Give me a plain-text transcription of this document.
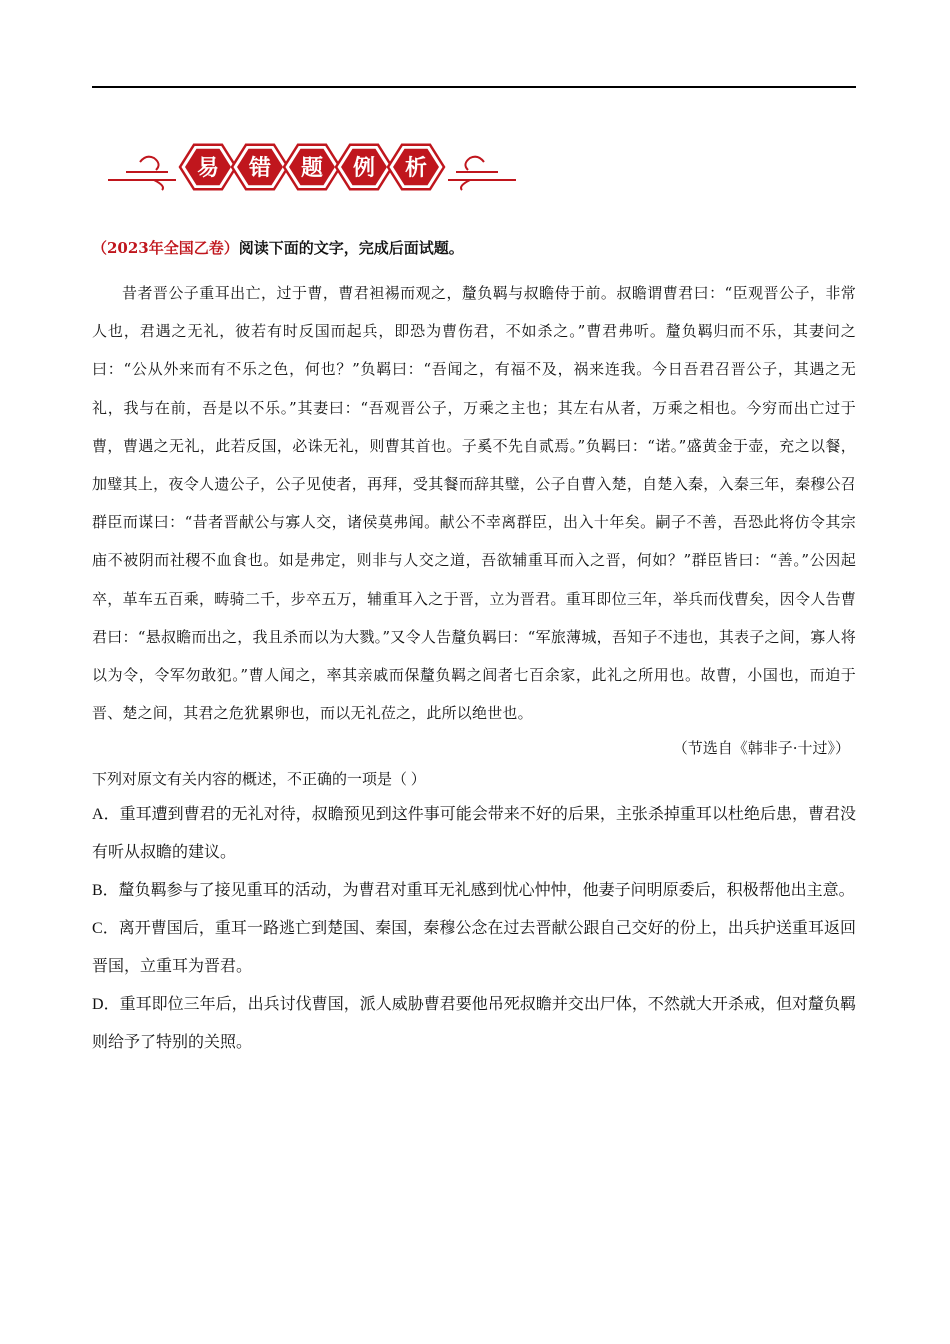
易	错	题	例	析

（2023年全国乙卷）阅读下面的文字，完成后面试题。

昔者晋公子重耳出亡，过于曹，曹君袒裼而观之，釐负羁与叔瞻侍于前。叔瞻谓曹君曰：“臣观晋公子，非常人也，君遇之无礼，彼若有时反国而起兵，即恐为曹伤君，不如杀之。”曹君弗听。釐负羁归而不乐，其妻问之曰：“公从外来而有不乐之色，何也？”负羁曰：“吾闻之，有福不及，祸来连我。今日吾君召晋公子，其遇之无礼，我与在前，吾是以不乐。”其妻曰：“吾观晋公子，万乘之主也；其左右从者，万乘之相也。今穷而出亡过于曹，曹遇之无礼，此若反国，必诛无礼，则曹其首也。子奚不先自贰焉。”负羁曰：“诺。”盛黄金于壶，充之以餐，加璧其上，夜令人遗公子，公子见使者，再拜，受其餐而辞其璧，公子自曹入楚，自楚入秦，入秦三年，秦穆公召群臣而谋曰：“昔者晋献公与寡人交，诸侯莫弗闻。献公不幸离群臣，出入十年矣。嗣子不善，吾恐此将仿令其宗庙不被阴而社稷不血食也。如是弗定，则非与人交之道，吾欲辅重耳而入之晋，何如？”群臣皆曰：“善。”公因起卒，革车五百乘，畴骑二千，步卒五万，辅重耳入之于晋，立为晋君。重耳即位三年，举兵而伐曹矣，因令人告曹君曰：“悬叔瞻而出之，我且杀而以为大戮。”又令人告釐负羁曰：“军旅薄城，吾知子不违也，其表子之间，寡人将以为令，令军勿敢犯。”曹人闻之，率其亲戚而保釐负羁之闾者七百余家，此礼之所用也。故曹，小国也，而迫于晋、楚之间，其君之危犹累卵也，而以无礼莅之，此所以绝世也。

（节选自《韩非子·十过》）

下列对原文有关内容的概述，不正确的一项是（ ）

A．重耳遭到曹君的无礼对待，叔瞻预见到这件事可能会带来不好的后果，主张杀掉重耳以杜绝后患，曹君没有听从叔瞻的建议。

B．釐负羁参与了接见重耳的活动，为曹君对重耳无礼感到忧心忡忡，他妻子问明原委后，积极帮他出主意。

C．离开曹国后，重耳一路逃亡到楚国、秦国，秦穆公念在过去晋献公跟自己交好的份上，出兵护送重耳返回晋国，立重耳为晋君。

D．重耳即位三年后，出兵讨伐曹国，派人威胁曹君要他吊死叔瞻并交出尸体，不然就大开杀戒，但对釐负羁则给予了特别的关照。
